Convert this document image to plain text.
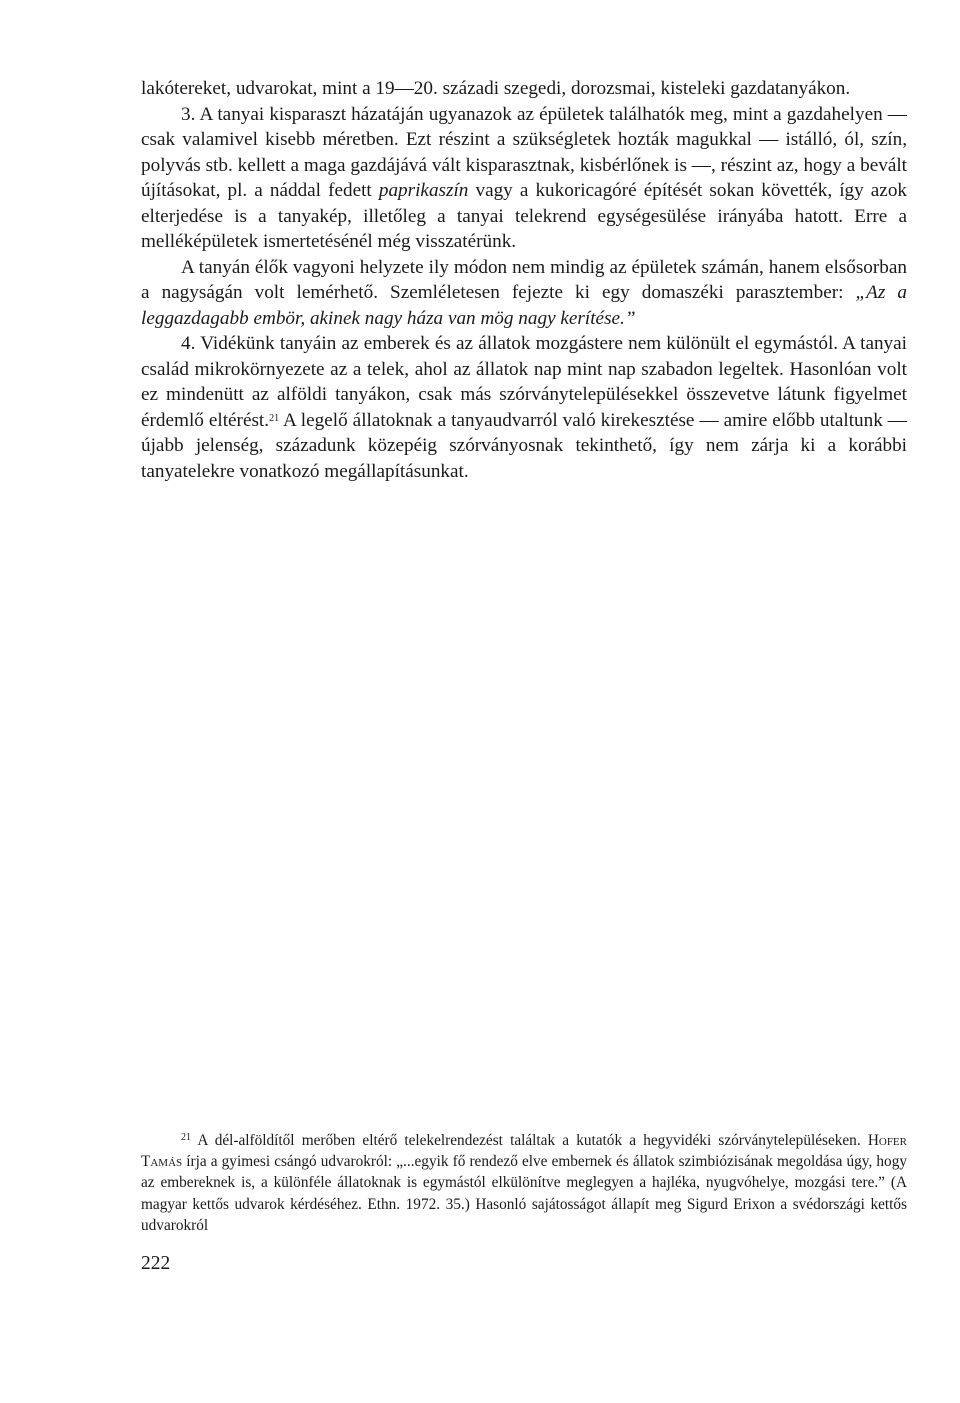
lakótereket, udvarokat, mint a 19—20. századi szegedi, dorozsmai, kisteleki gazdatanyákon.

3. A tanyai kisparaszt házatáján ugyanazok az épületek találhatók meg, mint a gazdahelyen — csak valamivel kisebb méretben. Ezt részint a szükségletek hozták magukkal — istálló, ól, szín, polyvás stb. kellett a maga gazdájává vált kisparasztnak, kisbérlőnek is —, részint az, hogy a bevált újításokat, pl. a náddal fedett paprikaszín vagy a kukoricagóré építését sokan követték, így azok elterjedése is a tanyakép, illetőleg a tanyai telekrend egységesülése irányába hatott. Erre a melléképületek ismertetésénél még visszatérünk.

A tanyán élők vagyoni helyzete ily módon nem mindig az épületek számán, hanem elsősorban a nagyságán volt lemérhető. Szemléletesen fejezte ki egy domaszéki parasztember: „Az a leggazdagabb embör, akinek nagy háza van mög nagy kerítése.”

4. Vidékünk tanyáin az emberek és az állatok mozgástere nem különült el egymástól. A tanyai család mikrokörnyezete az a telek, ahol az állatok nap mint nap szabadon legeltek. Hasonlóan volt ez mindenütt az alföldi tanyákon, csak más szórványtelepülésekkel összevetve látunk figyelmet érdemlő eltérést.$^{21}$ A legelő állatoknak a tanyaudvarról való kirekesztése — amire előbb utaltunk — újabb jelenség, századunk közepéig szórványosnak tekinthető, így nem zárja ki a korábbi tanyatelekre vonatkozó megállapításunkat.

$^{21}$ A dél-alföldítől merőben eltérő telekelrendezést találtak a kutatók a hegyvidéki szórványtelepüléseken. Hofer Tamás írja a gyimesi csángó udvarokról: „...egyik fő rendező elve embernek és állatok szimbiózisának megoldása úgy, hogy az embereknek is, a különféle állatoknak is egymástól elkülönítve meglegyen a hajléka, nyugvóhelye, mozgási tere.” (A magyar kettős udvarok kérdéséhez. Ethn. 1972. 35.) Hasonló sajátosságot állapít meg Sigurd Erixon a svédországi kettős udvarokról

222
